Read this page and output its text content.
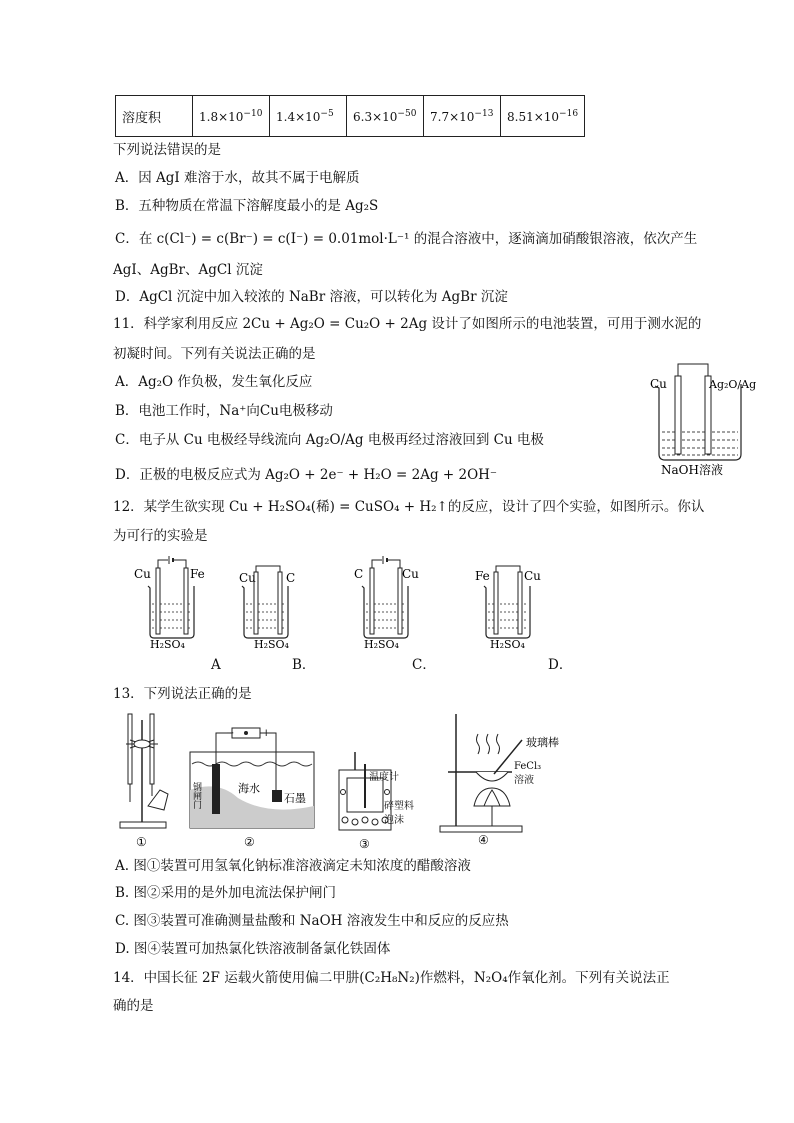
溶度积	$1.8\times 10^{-10}$	$1.4\times 10^{-5}$	$6.3\times 10^{-50}$	$7.7\times 10^{-13}$	$8.51\times 10^{-16}$
下列说法错误的是
A．因 AgI 难溶于水，故其不属于电解质
B．五种物质在常温下溶解度最小的是 Ag₂S
C．在 c(Cl⁻) = c(Br⁻) = c(I⁻) = 0.01mol·L⁻¹ 的混合溶液中，逐滴滴加硝酸银溶液，依次产生
AgI、AgBr、AgCl 沉淀
D．AgCl 沉淀中加入较浓的 NaBr 溶液，可以转化为 AgBr 沉淀
11．科学家利用反应 2Cu + Ag₂O = Cu₂O + 2Ag 设计了如图所示的电池装置，可用于测水泥的
初凝时间。下列有关说法正确的是
A．Ag₂O 作负极，发生氧化反应
B．电池工作时，Na⁺向Cu电极移动
C．电子从 Cu 电极经导线流向 Ag₂O/Ag 电极再经过溶液回到 Cu 电极
D．正极的电极反应式为 Ag₂O + 2e⁻ + H₂O = 2Ag + 2OH⁻
Cu	Ag₂O/Ag
NaOH溶液
12．某学生欲实现 Cu + H₂SO₄(稀) = CuSO₄ + H₂↑的反应，设计了四个实验，如图所示。你认
为可行的实验是
Cu	Fe
H₂SO₄
Cu	C
H₂SO₄
C	Cu
H₂SO₄
Fe	Cu
H₂SO₄
A	B．	C．	D．
13．下列说法正确的是
①
−	+
钢闸门	海水
石墨
②
温度计
③
碎塑料泡沫
玻璃棒
④
FeCl₃溶液
A. 图①装置可用氢氧化钠标准溶液滴定未知浓度的醋酸溶液
B. 图②采用的是外加电流法保护闸门
C. 图③装置可准确测量盐酸和 NaOH 溶液发生中和反应的反应热
D. 图④装置可加热氯化铁溶液制备氯化铁固体
14．中国长征 2F 运载火箭使用偏二甲肼(C₂H₈N₂)作燃料，N₂O₄作氧化剂。下列有关说法正
确的是
